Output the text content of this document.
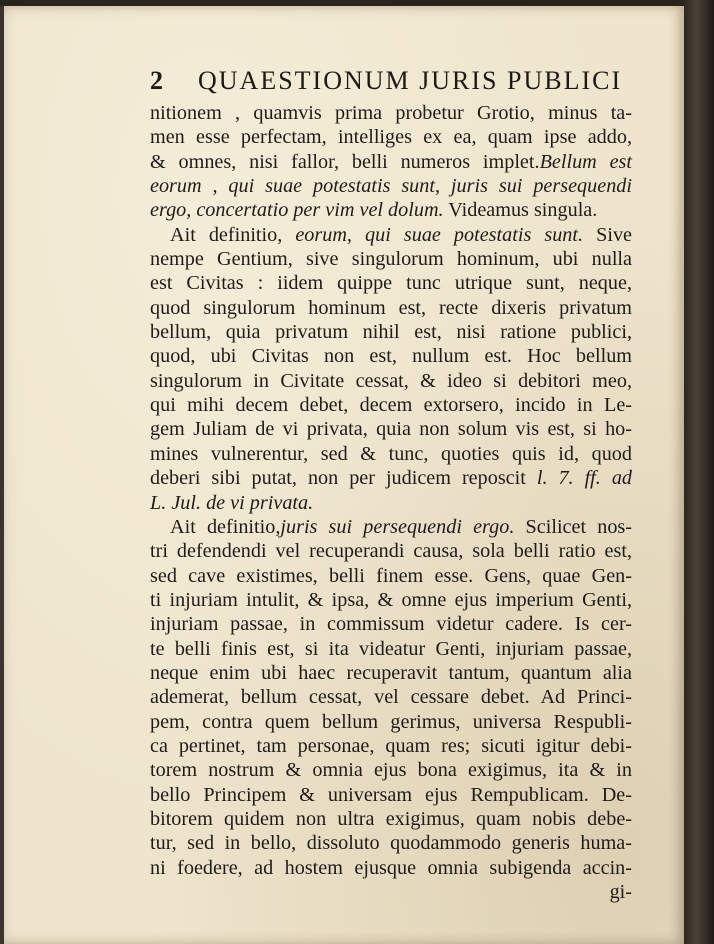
2 QUAESTIONUM JURIS PUBLICI
nitionem , quamvis prima probetur Grotio, minus ta-
men esse perfectam, intelliges ex ea, quam ipse addo,
& omnes, nisi fallor, belli numeros implet.Bellum est
eorum , qui suae potestatis sunt, juris sui persequendi
ergo, concertatio per vim vel dolum. Videamus singula.
Ait definitio, eorum, qui suae potestatis sunt. Sive
nempe Gentium, sive singulorum hominum, ubi nulla
est Civitas : iidem quippe tunc utrique sunt, neque,
quod singulorum hominum est, recte dixeris privatum
bellum, quia privatum nihil est, nisi ratione publici,
quod, ubi Civitas non est, nullum est. Hoc bellum
singulorum in Civitate cessat, & ideo si debitori meo,
qui mihi decem debet, decem extorsero, incido in Le-
gem Juliam de vi privata, quia non solum vis est, si ho-
mines vulnerentur, sed & tunc, quoties quis id, quod
deberi sibi putat, non per judicem reposcit l. 7. ff. ad
L. Jul. de vi privata.
Ait definitio,juris sui persequendi ergo. Scilicet nos-
tri defendendi vel recuperandi causa, sola belli ratio est,
sed cave existimes, belli finem esse. Gens, quae Gen-
ti injuriam intulit, & ipsa, & omne ejus imperium Genti,
injuriam passae, in commissum videtur cadere. Is cer-
te belli finis est, si ita videatur Genti, injuriam passae,
neque enim ubi haec recuperavit tantum, quantum alia
ademerat, bellum cessat, vel cessare debet. Ad Princi-
pem, contra quem bellum gerimus, universa Respubli-
ca pertinet, tam personae, quam res; sicuti igitur debi-
torem nostrum & omnia ejus bona exigimus, ita & in
bello Principem & universam ejus Rempublicam. De-
bitorem quidem non ultra exigimus, quam nobis debe-
tur, sed in bello, dissoluto quodammodo generis huma-
ni foedere, ad hostem ejusque omnia subigenda accin-
gi-
